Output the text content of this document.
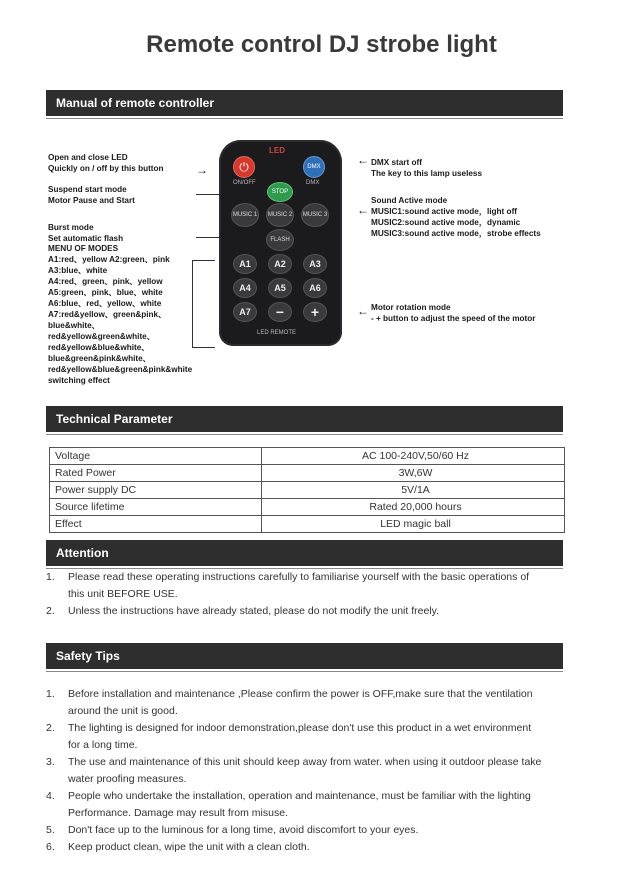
Remote control DJ strobe light
Manual of remote controller
Open and close LED
Quickly on / off by this button	→
Suspend start mode
Motor Pause and Start
Burst mode
Set automatic flash
MENU OF MODES
A1:red、yellow A2:green、pink
A3:blue、white
A4:red、green、pink、yellow
A5:green、pink、blue、white
A6:blue、red、yellow、white
A7:red&yellow、green&pink、
blue&white、
red&yellow&green&white、
red&yellow&blue&white、
blue&green&pink&white、
red&yellow&blue&green&pink&white
switching effect
← DMX start off
The key to this lamp useless
←
Sound Active mode
MUSIC1:sound active mode，light off
MUSIC2:sound active mode，dynamic
MUSIC3:sound active mode，strobe effects
← Motor rotation mode
- + button to adjust the speed of the motor
LED
⏻
ON/OFF
DMX
DMX
STOP
MUSIC 1	MUSIC 2	MUSIC 3
FLASH
A1	A2	A3
A4	A5	A6
A7	−	+
LED REMOTE
Technical Parameter
Voltage	AC 100-240V,50/60 Hz
Rated Power	3W,6W
Power supply DC	5V/1A
Source lifetime	Rated 20,000 hours
Effect	LED magic ball
Attention
1. Please read these operating instructions carefully to familiarise yourself with the basic operations of
this unit BEFORE USE.
2. Unless the instructions have already stated, please do not modify the unit freely.
Safety Tips
1. Before installation and maintenance ,Please confirm the power is OFF,make sure that the ventilation
around the unit is good.
2. The lighting is designed for indoor demonstration,please don't use this product in a wet environment
for a long time.
3. The use and maintenance of this unit should keep away from water. when using it outdoor please take
water proofing measures.
4. People who undertake the installation, operation and maintenance, must be familiar with the lighting
Performance. Damage may result from misuse.
5. Don't face up to the luminous for a long time, avoid discomfort to your eyes.
6. Keep product clean, wipe the unit with a clean cloth.
